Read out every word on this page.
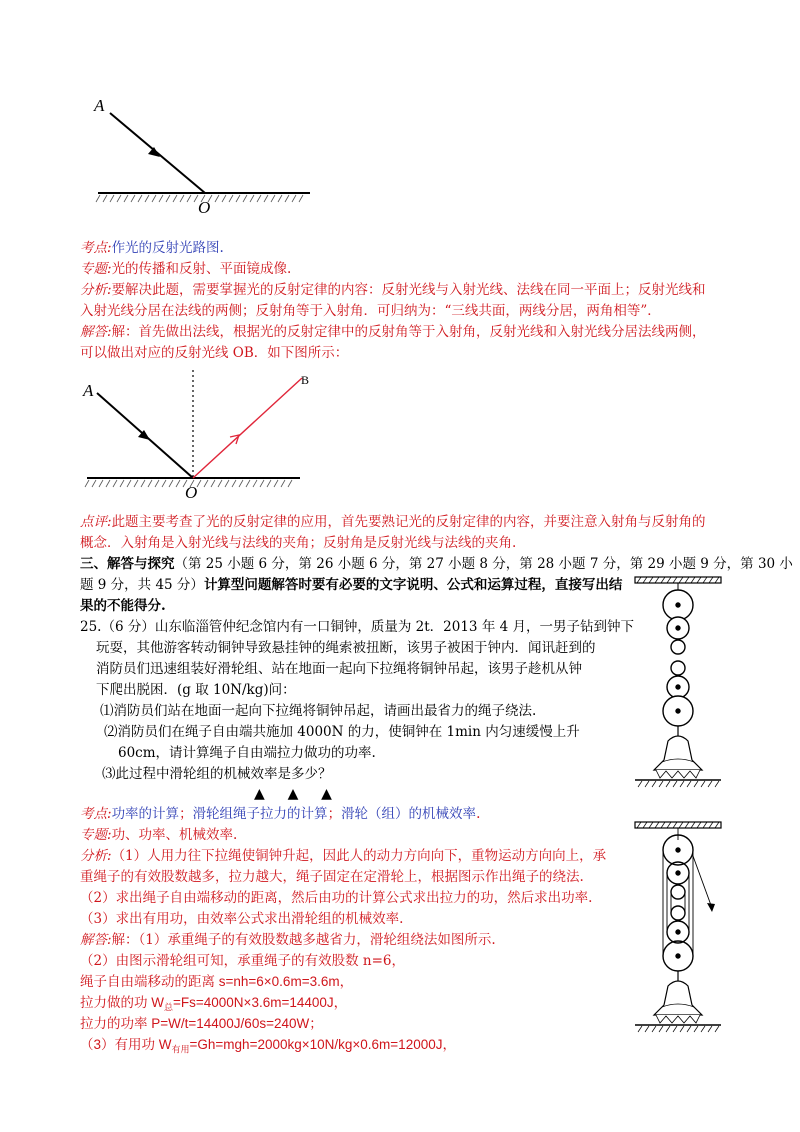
A
O
考点:作光的反射光路图.
专题:光的传播和反射、平面镜成像.
分析:要解决此题，需要掌握光的反射定律的内容：反射光线与入射光线、法线在同一平面上；反射光线和
入射光线分居在法线的两侧；反射角等于入射角．可归纳为：“三线共面，两线分居，两角相等”．
解答:解：首先做出法线，根据光的反射定律中的反射角等于入射角，反射光线和入射光线分居法线两侧，
可以做出对应的反射光线 OB．如下图所示：
A
O
B
点评:此题主要考查了光的反射定律的应用，首先要熟记光的反射定律的内容，并要注意入射角与反射角的
概念．入射角是入射光线与法线的夹角；反射角是反射光线与法线的夹角.
三、解答与探究（第 25 小题 6 分，第 26 小题 6 分，第 27 小题 8 分，第 28 小题 7 分，第 29 小题 9 分，第 30 小
题 9 分，共 45 分）计算型问题解答时要有必要的文字说明、公式和运算过程，直接写出结
果的不能得分.
25.（6 分）山东临淄管仲纪念馆内有一口铜钟，质量为 2t．2013 年 4 月，一男子钻到钟下
玩耍，其他游客转动铜钟导致悬挂钟的绳索被扭断，该男子被困于钟内．闻讯赶到的
消防员们迅速组装好滑轮组、站在地面一起向下拉绳将铜钟吊起，该男子趁机从钟
下爬出脱困．(g 取 10N/kg)问：
⑴消防员们站在地面一起向下拉绳将铜钟吊起，请画出最省力的绳子绕法.
⑵消防员们在绳子自由端共施加 4000N 的力，使铜钟在 1min 内匀速缓慢上升
60cm，请计算绳子自由端拉力做功的功率.
⑶此过程中滑轮组的机械效率是多少？
▲    ▲    ▲
考点:功率的计算；滑轮组绳子拉力的计算；滑轮（组）的机械效率.
专题:功、功率、机械效率.
分析:（1）人用力往下拉绳使铜钟升起，因此人的动力方向向下，重物运动方向向上，承
重绳子的有效股数越多，拉力越大，绳子固定在定滑轮上，根据图示作出绳子的绕法.
（2）求出绳子自由端移动的距离，然后由功的计算公式求出拉力的功，然后求出功率.
（3）求出有用功，由效率公式求出滑轮组的机械效率.
解答:解：（1）承重绳子的有效股数越多越省力，滑轮组绕法如图所示.
（2）由图示滑轮组可知，承重绳子的有效股数 n=6，
绳子自由端移动的距离 s=nh=6×0.6m=3.6m，
拉力做的功 $W_总=Fs=4000N\times 3.6m=14400J$，
拉力的功率 P=W/t=14400J/60s=240W；
（3）有用功 $W_{有用}=Gh=mgh=2000kg\times 10N/kg\times 0.6m=12000J$，
